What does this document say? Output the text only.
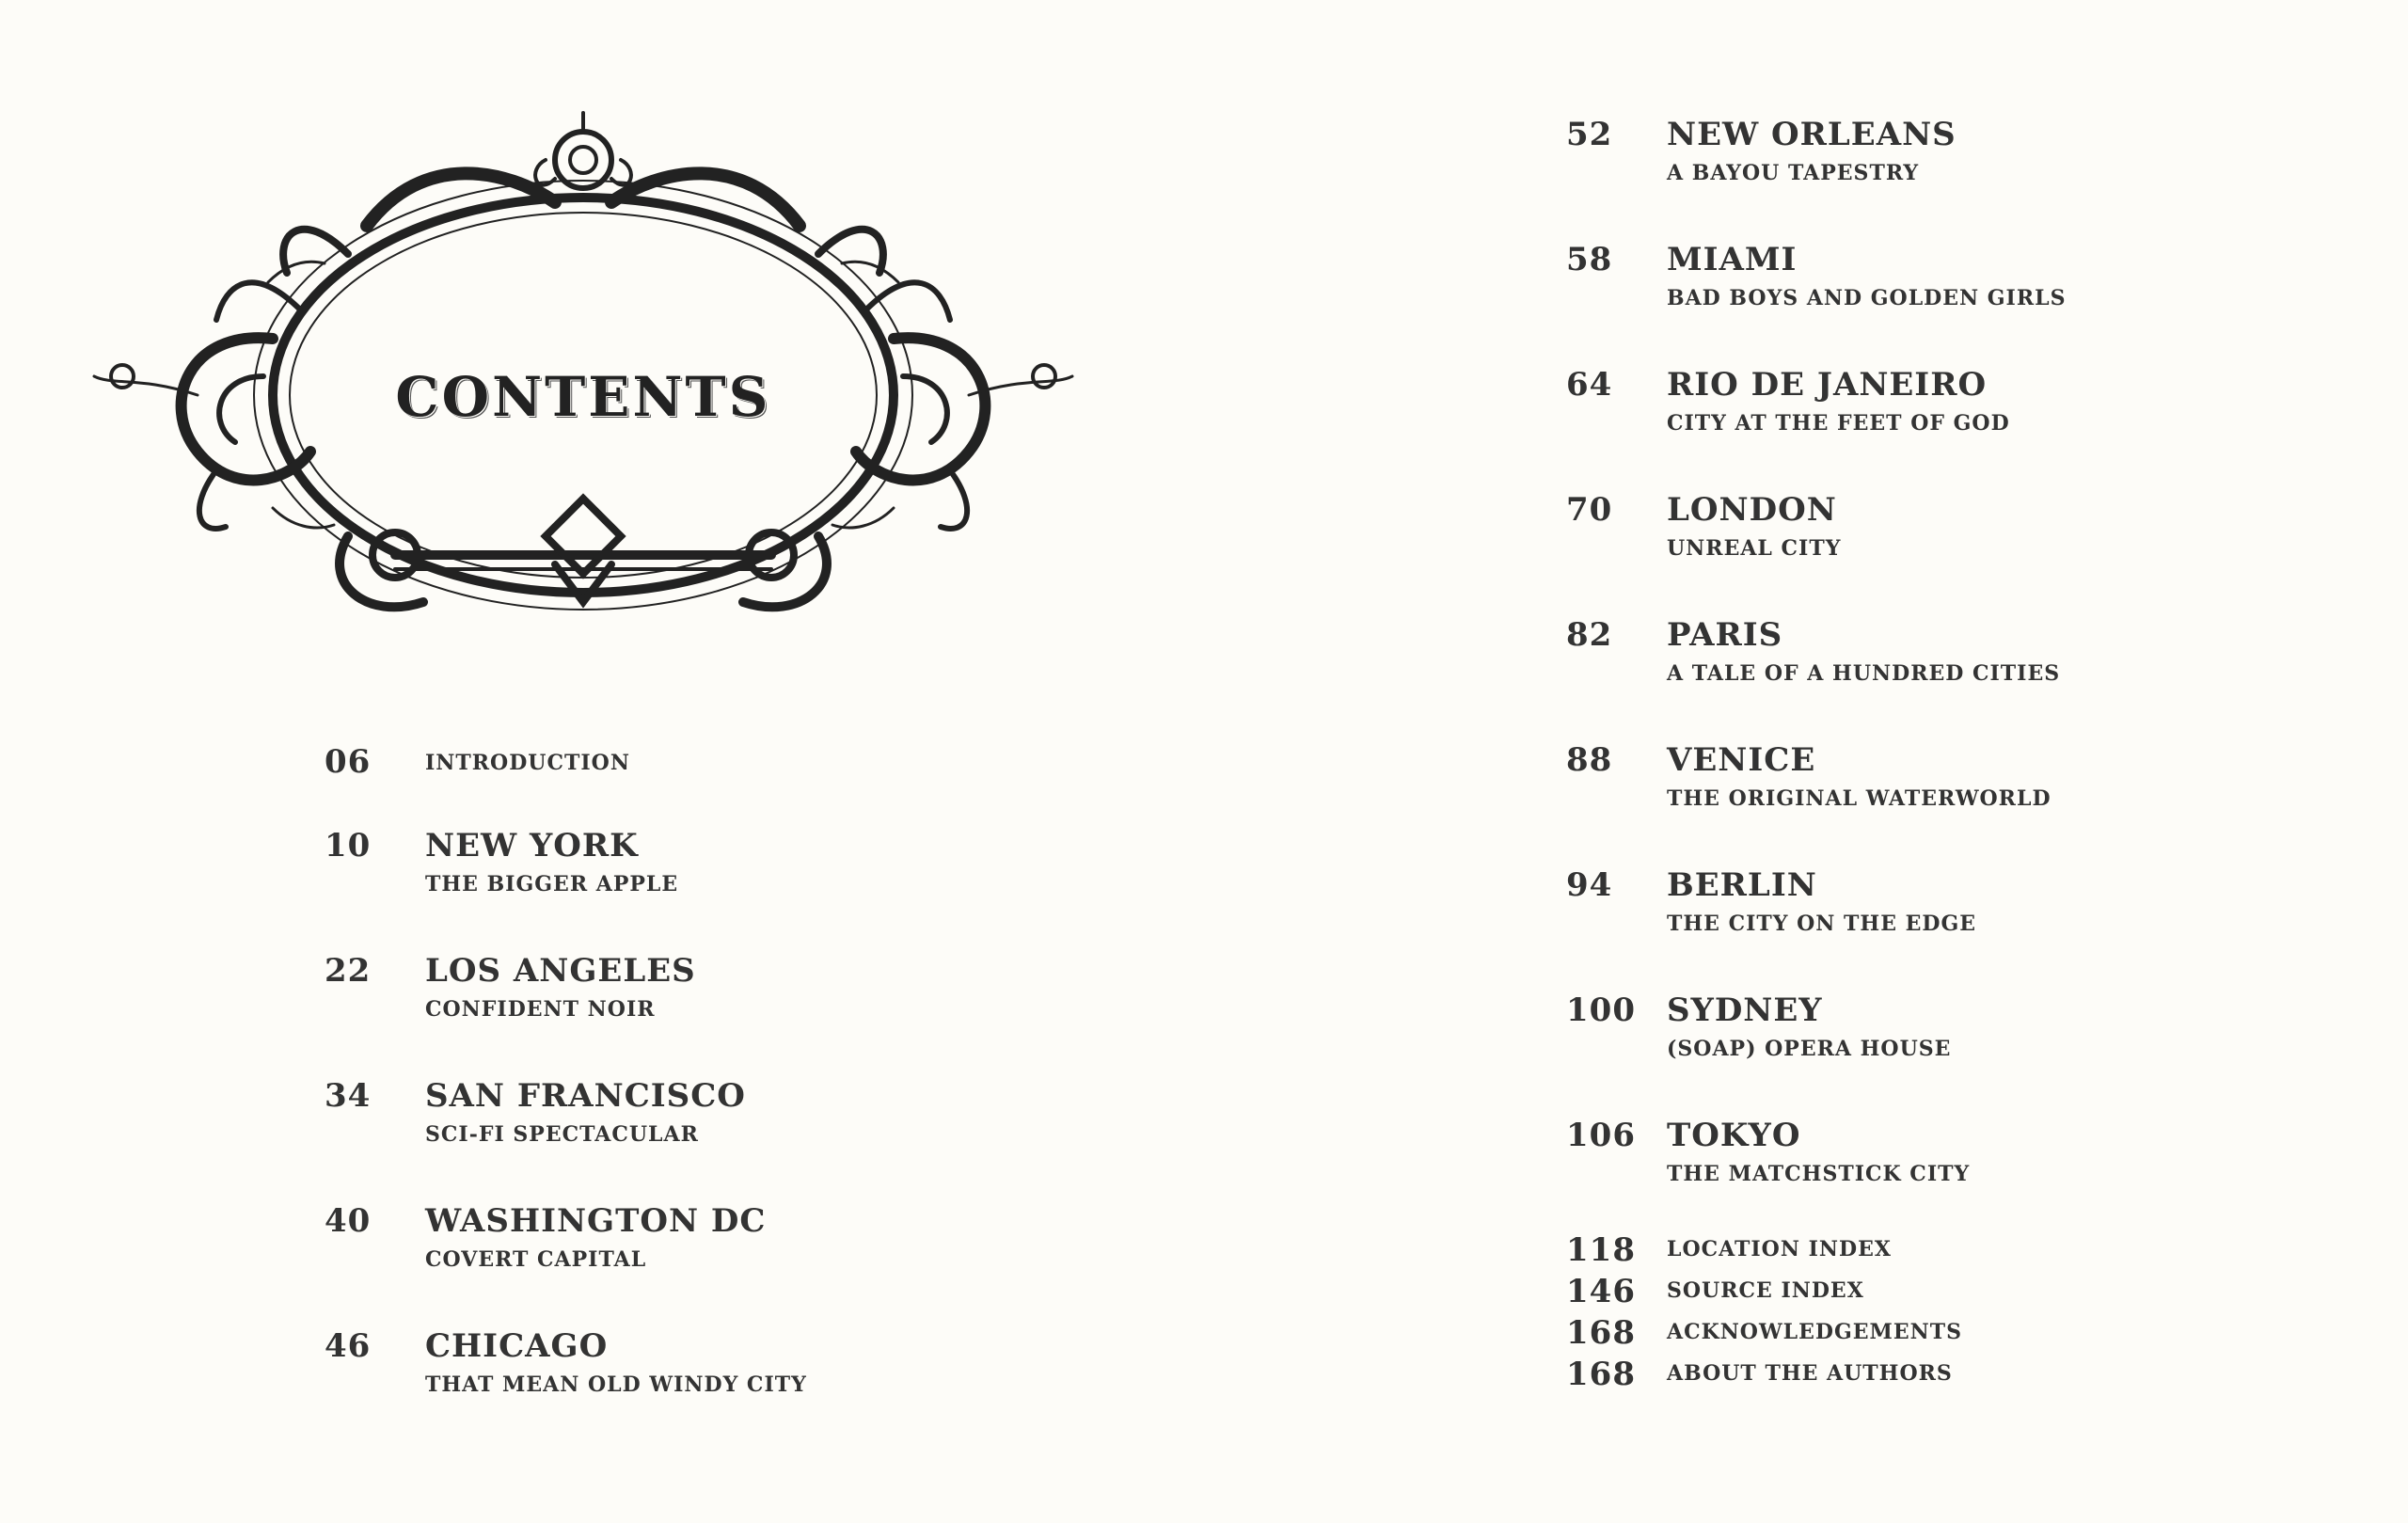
CONTENTS
06	INTRODUCTION
10 NEW YORK
THE BIGGER APPLE
22 LOS ANGELES
CONFIDENT NOIR
34 SAN FRANCISCO
SCI-FI SPECTACULAR
40 WASHINGTON DC
COVERT CAPITAL
46 CHICAGO
THAT MEAN OLD WINDY CITY
52 NEW ORLEANS
A BAYOU TAPESTRY
58 MIAMI
BAD BOYS AND GOLDEN GIRLS
64 RIO DE JANEIRO
CITY AT THE FEET OF GOD
70 LONDON
UNREAL CITY
82 PARIS
A TALE OF A HUNDRED CITIES
88 VENICE
THE ORIGINAL WATERWORLD
94 BERLIN
THE CITY ON THE EDGE
100 SYDNEY
(SOAP) OPERA HOUSE
106 TOKYO
THE MATCHSTICK CITY
118 LOCATION INDEX
146 SOURCE INDEX
168 ACKNOWLEDGEMENTS
168 ABOUT THE AUTHORS
